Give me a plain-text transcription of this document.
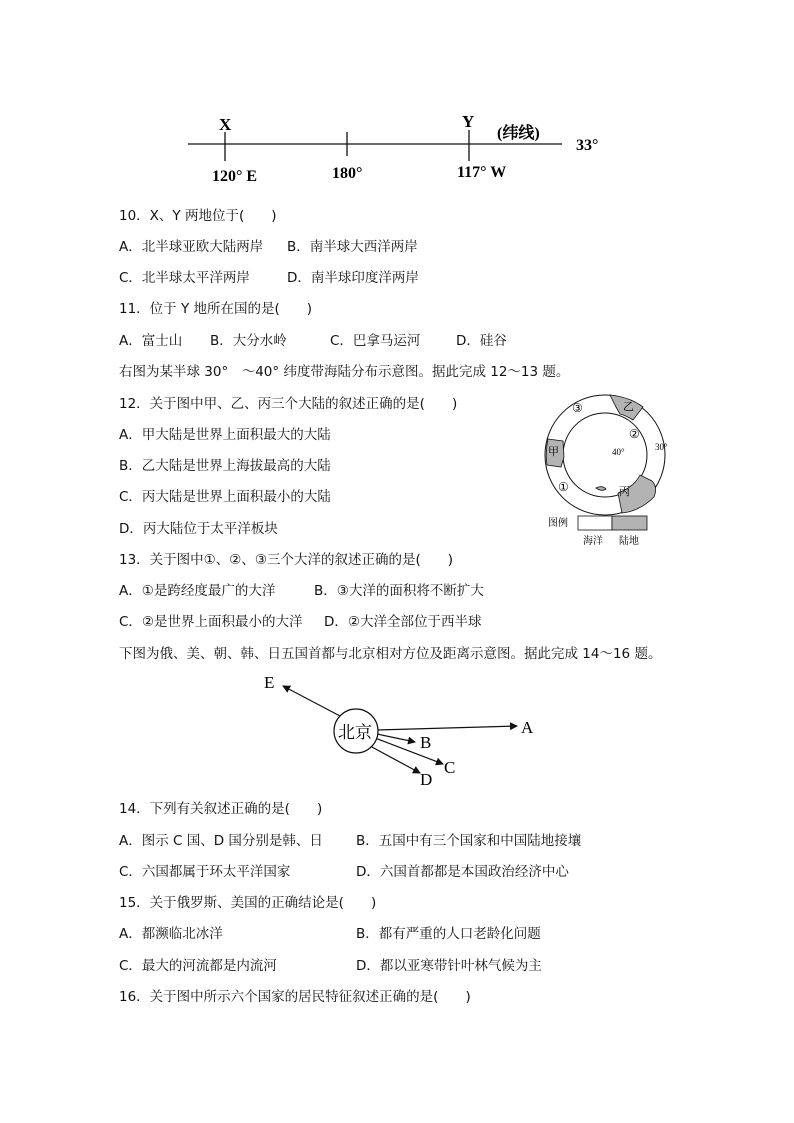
X	Y
(纬线)
33°
120° E	180°	117° W
10．X、Y 两地位于(　　)
A．北半球亚欧大陆两岸 B．南半球大西洋两岸
C．北半球太平洋两岸	D．南半球印度洋两岸
11．位于 Y 地所在国的是(　　)
A．富士山 B．大分水岭	C．巴拿马运河	D．硅谷
右图为某半球 30°　～40° 纬度带海陆分布示意图。据此完成 12～13 题。
12．关于图中甲、乙、丙三个大陆的叙述正确的是(　　)
A．甲大陆是世界上面积最大的大陆
B．乙大陆是世界上海拔最高的大陆
C．丙大陆是世界上面积最小的大陆
D．丙大陆位于太平洋板块
甲
乙
丙
③
②
①
40°	30°
图例
海洋 陆地
13．关于图中①、②、③三个大洋的叙述正确的是(　　)
A．①是跨经度最广的大洋	B．③大洋的面积将不断扩大
C．②是世界上面积最小的大洋 D．②大洋全部位于西半球
下图为俄、美、朝、韩、日五国首都与北京相对方位及距离示意图。据此完成 14～16 题。
北京
E
A
B
C
D
14．下列有关叙述正确的是(　　)
A．图示 C 国、D 国分别是韩、日 B．五国中有三个国家和中国陆地接壤
C．六国都属于环太平洋国家	D．六国首都都是本国政治经济中心
15．关于俄罗斯、美国的正确结论是(　　)
A．都濒临北冰洋	B．都有严重的人口老龄化问题
C．最大的河流都是内流河	D．都以亚寒带针叶林气候为主
16．关于图中所示六个国家的居民特征叙述正确的是(　　)
